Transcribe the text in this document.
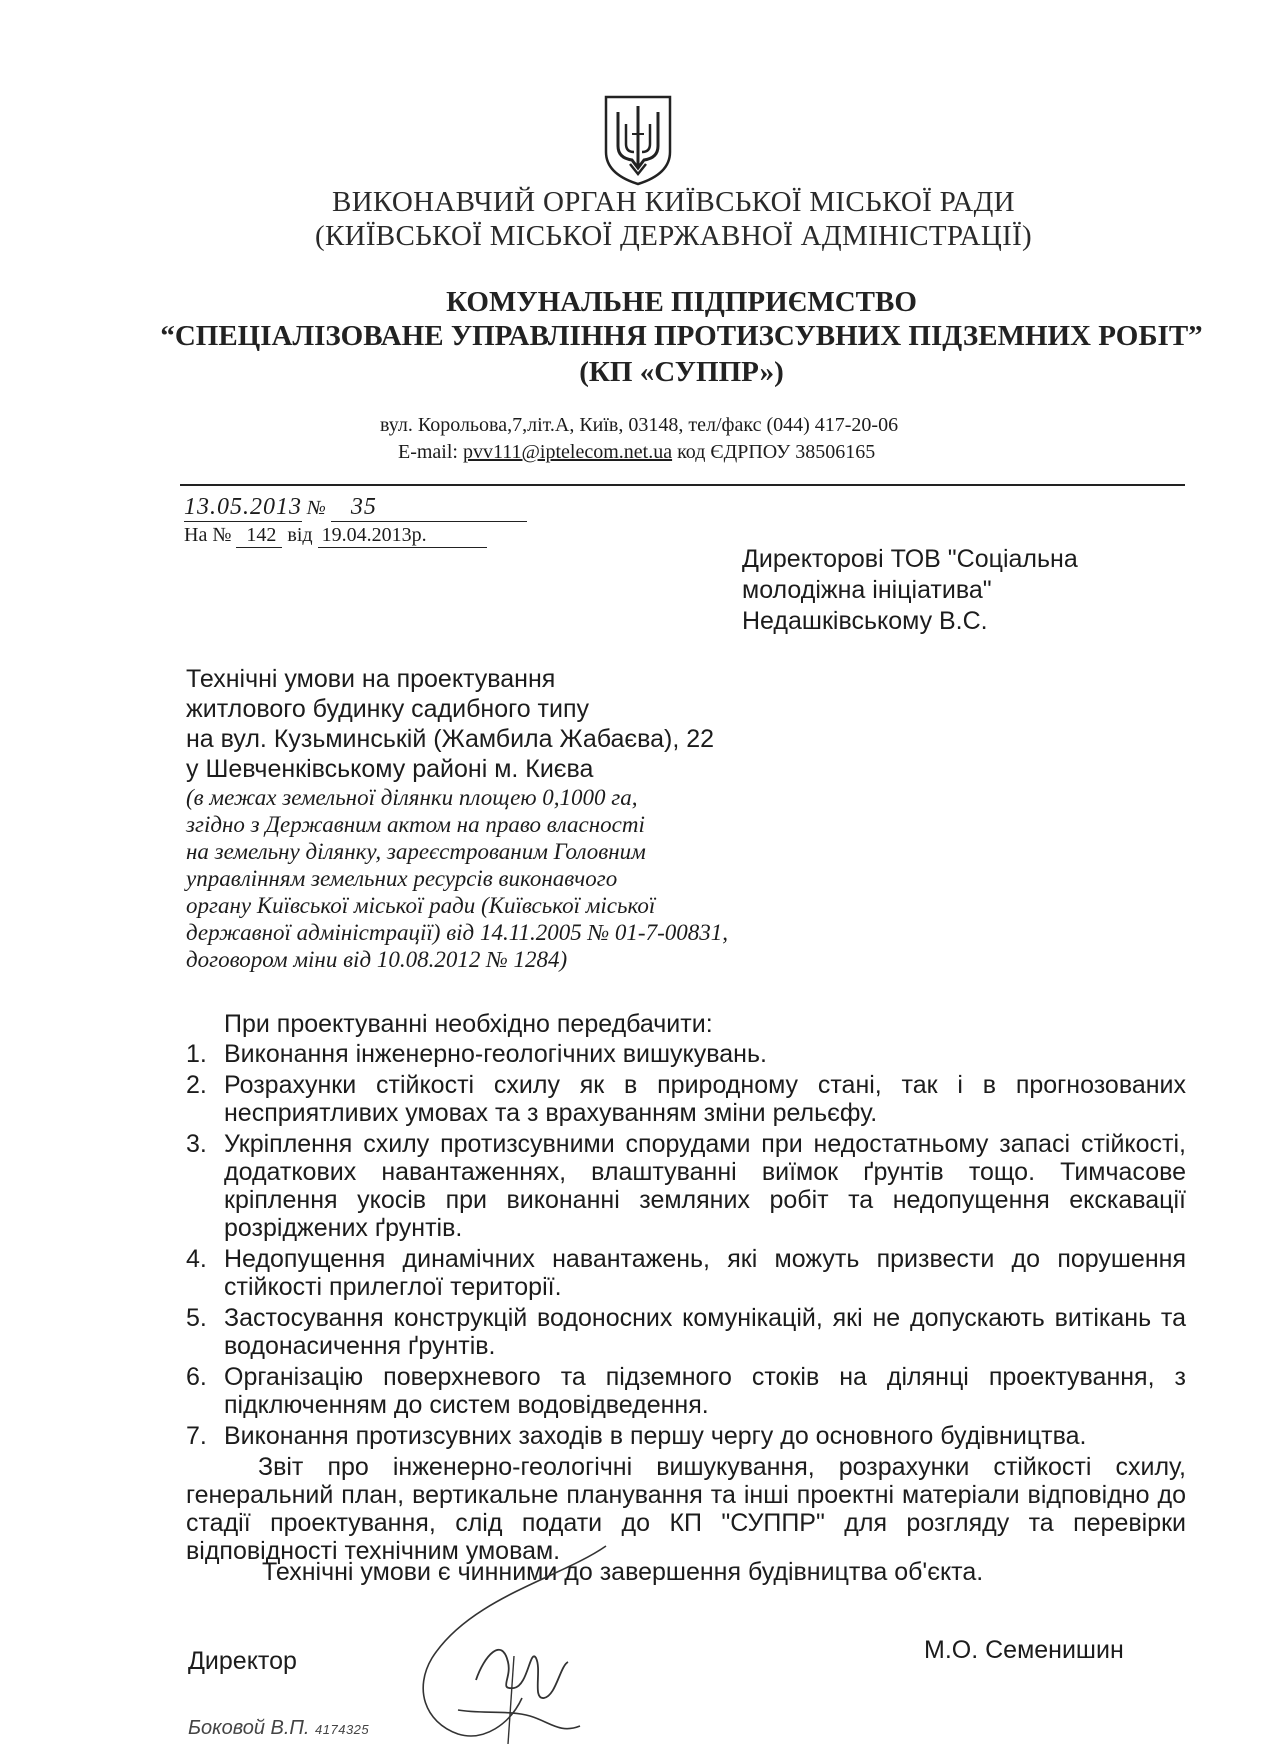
ВИКОНАВЧИЙ ОРГАН КИЇВСЬКОЇ МІСЬКОЇ РАДИ
(КИЇВСЬКОЇ МІСЬКОЇ ДЕРЖАВНОЇ АДМІНІСТРАЦІЇ)
КОМУНАЛЬНЕ ПІДПРИЄМСТВО
“СПЕЦІАЛІЗОВАНЕ УПРАВЛІННЯ ПРОТИЗСУВНИХ ПІДЗЕМНИХ РОБІТ”
(КП «СУППР»)
вул. Корольова,7,літ.А, Київ, 03148, тел/факс (044) 417-20-06
E-mail: pvv111@iptelecom.net.ua код ЄДРПОУ 38506165
13.05.2013 № 35
На № 142 від 19.04.2013р.
Директорові ТОВ "Соціальна
молодіжна ініціатива"
Недашківському В.С.
Технічні умови на проектування
житлового будинку садибного типу
на вул. Кузьминській (Жамбила Жабаєва), 22
у Шевченківському районі м. Києва
(в межах земельної ділянки площею 0,1000 га,
згідно з Державним актом на право власності
на земельну ділянку, зареєстрованим Головним
управлінням земельних ресурсів виконавчого
органу Київської міської ради (Київської міської
державної адміністрації) від 14.11.2005 № 01-7-00831,
договором міни від 10.08.2012 № 1284)

При проектуванні необхідно передбачити:

1. Виконання інженерно-геологічних вишукувань.
2. Розрахунки стійкості схилу як в природному стані, так і в прогнозованих несприятливих умовах та з врахуванням зміни рельєфу.
3. Укріплення схилу протизсувними спорудами при недостатньому запасі стійкості, додаткових навантаженнях, влаштуванні виїмок ґрунтів тощо. Тимчасове кріплення укосів при виконанні земляних робіт та недопущення екскавації розріджених ґрунтів.
4. Недопущення динамічних навантажень, які можуть призвести до порушення стійкості прилеглої території.
5. Застосування конструкцій водоносних комунікацій, які не допускають витікань та водонасичення ґрунтів.
6. Організацію поверхневого та підземного стоків на ділянці проектування, з підключенням до систем водовідведення.
7. Виконання протизсувних заходів в першу чергу до основного будівництва.

Звіт про інженерно-геологічні вишукування, розрахунки стійкості схилу, генеральний план, вертикальне планування та інші проектні матеріали відповідно до стадії проектування, слід подати до КП "СУППР" для розгляду та перевірки відповідності технічним умовам.

Технічні умови є чинними до завершення будівництва об'єкта.
Директор	М.О. Семенишин
Боковой В.П. 4174325
